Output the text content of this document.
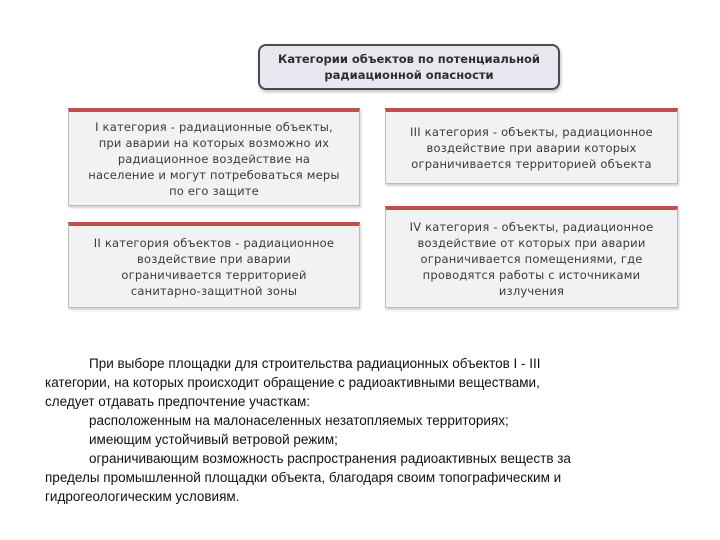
Категории объектов по потенциальной радиационной опасности
I категория - радиационные объекты, при аварии на которых возможно их радиационное воздействие на население и могут потребоваться меры по его защите
II категория объектов - радиационное воздействие при аварии ограничивается территорией санитарно-защитной зоны
III категория - объекты, радиационное воздействие при аварии которых ограничивается территорией объекта
IV категория - объекты, радиационное воздействие от которых при аварии ограничивается помещениями, где проводятся работы с источниками излучения

При выборе площадки для строительства радиационных объектов I - III

категории, на которых происходит обращение с радиоактивными веществами,

следует отдавать предпочтение участкам:

расположенным на малонаселенных незатопляемых территориях;

имеющим устойчивый ветровой режим;

ограничивающим возможность распространения радиоактивных веществ за

пределы промышленной площадки объекта, благодаря своим топографическим и

гидрогеологическим условиям.
